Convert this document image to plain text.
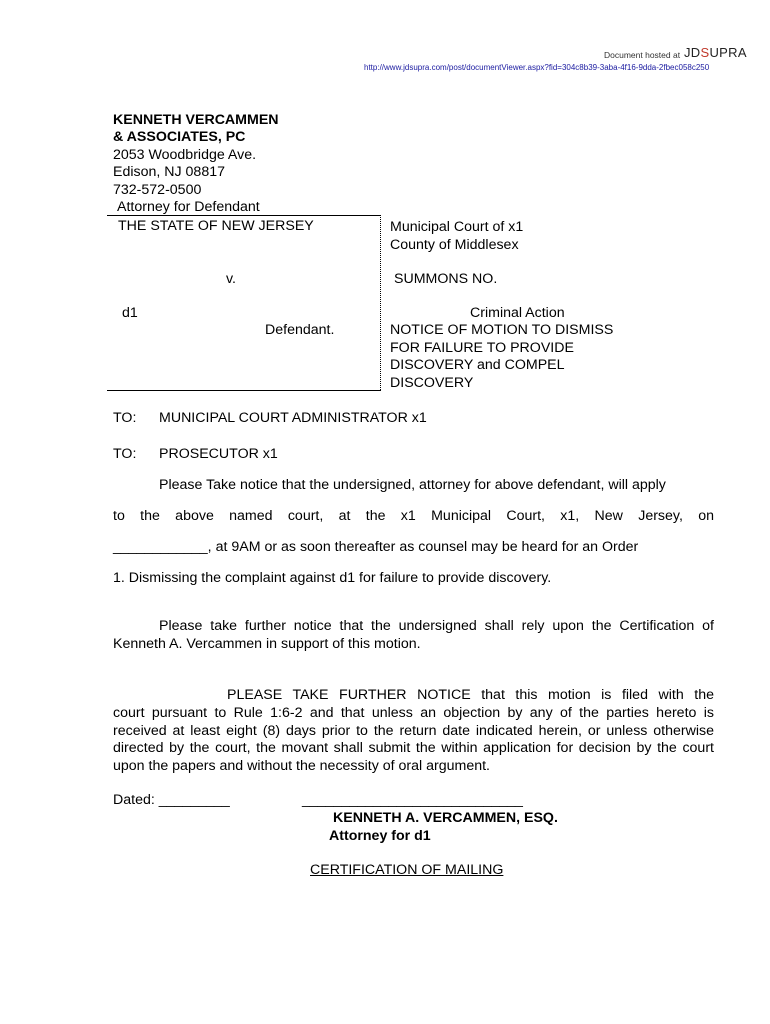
Document hosted at JDSUPRA
http://www.jdsupra.com/post/documentViewer.aspx?fid=304c8b39-3aba-4f16-9dda-2fbec058c250
KENNETH VERCAMMEN
& ASSOCIATES, PC
2053 Woodbridge Ave.
Edison, NJ 08817
732-572-0500
Attorney for Defendant
THE STATE OF NEW JERSEY
v.
d1
Defendant.
Municipal Court of x1
County of Middlesex
SUMMONS NO.
Criminal Action
NOTICE OF MOTION TO DISMISS
FOR FAILURE TO PROVIDE
DISCOVERY and COMPEL
DISCOVERY
TO: MUNICIPAL COURT ADMINISTRATOR x1
TO: PROSECUTOR x1
Please Take notice that the undersigned, attorney for above defendant, will apply
to the above named court, at the x1 Municipal Court, x1, New Jersey, on
____________, at 9AM or as soon thereafter as counsel may be heard for an Order
1. Dismissing the complaint against d1 for failure to provide discovery.
Please take further notice that the undersigned shall rely upon the Certification of Kenneth A. Vercammen in support of this motion.
PLEASE TAKE FURTHER NOTICE that this motion is filed with the
court pursuant to Rule 1:6-2 and that unless an objection by any of the parties hereto is received at least eight (8) days prior to the return date indicated herein, or unless otherwise directed by the court, the movant shall submit the within application for decision by the court upon the papers and without the necessity of oral argument.
Dated: _________	____________________________
KENNETH A. VERCAMMEN, ESQ.
Attorney for d1
CERTIFICATION OF MAILING
